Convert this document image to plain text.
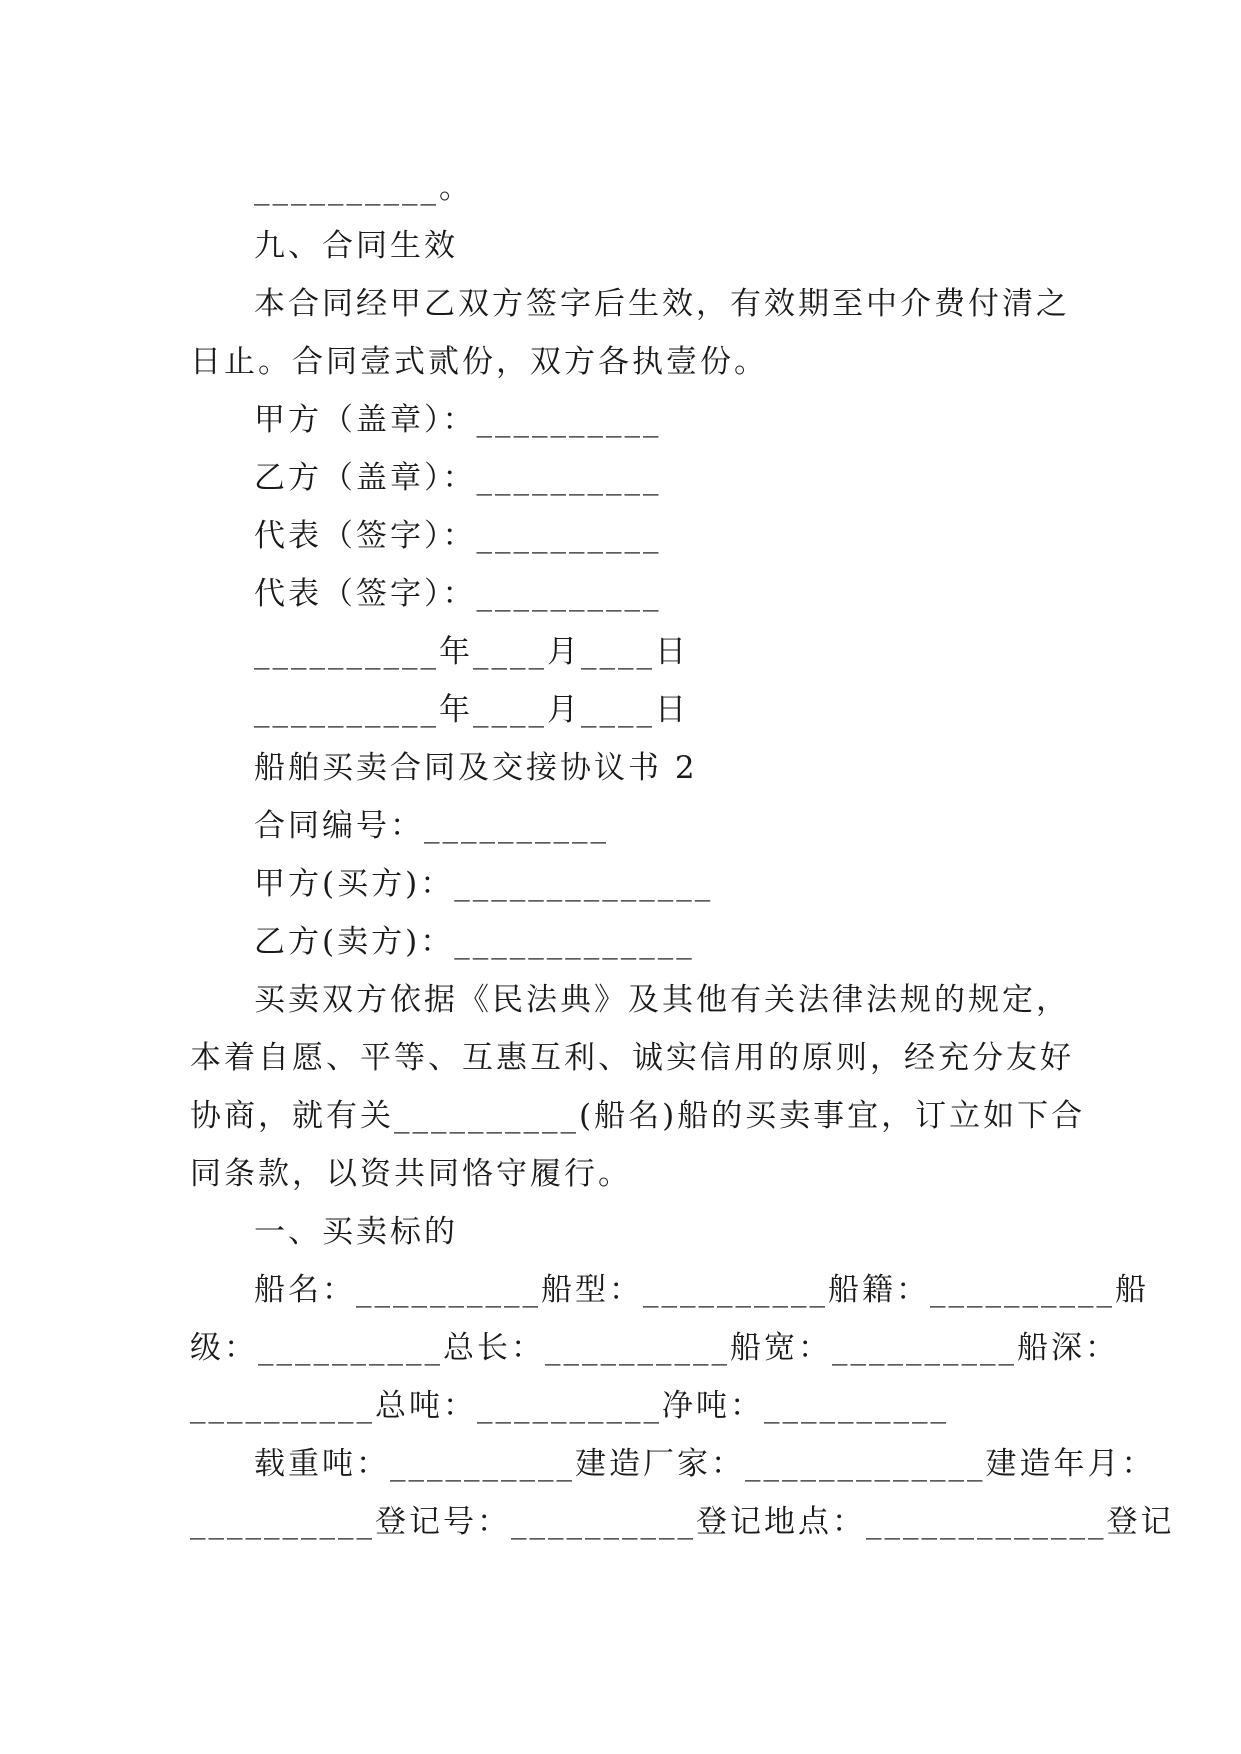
__________。
九、合同生效
本合同经甲乙双方签字后生效，有效期至中介费付清之
日止。合同壹式贰份，双方各执壹份。
甲方（盖章）：__________
乙方（盖章）：__________
代表（签字）：__________
代表（签字）：__________
__________年____月____日
__________年____月____日
船舶买卖合同及交接协议书 2
合同编号：__________
甲方(买方)：______________
乙方(卖方)：_____________
买卖双方依据《民法典》及其他有关法律法规的规定，
本着自愿、平等、互惠互利、诚实信用的原则，经充分友好
协商，就有关__________(船名)船的买卖事宜，订立如下合
同条款，以资共同恪守履行。
一、买卖标的
船名：__________船型：__________船籍：__________船
级：__________总长：__________船宽：__________船深：
__________总吨：__________净吨：__________
载重吨：__________建造厂家：_____________建造年月：
__________登记号：__________登记地点：_____________登记
